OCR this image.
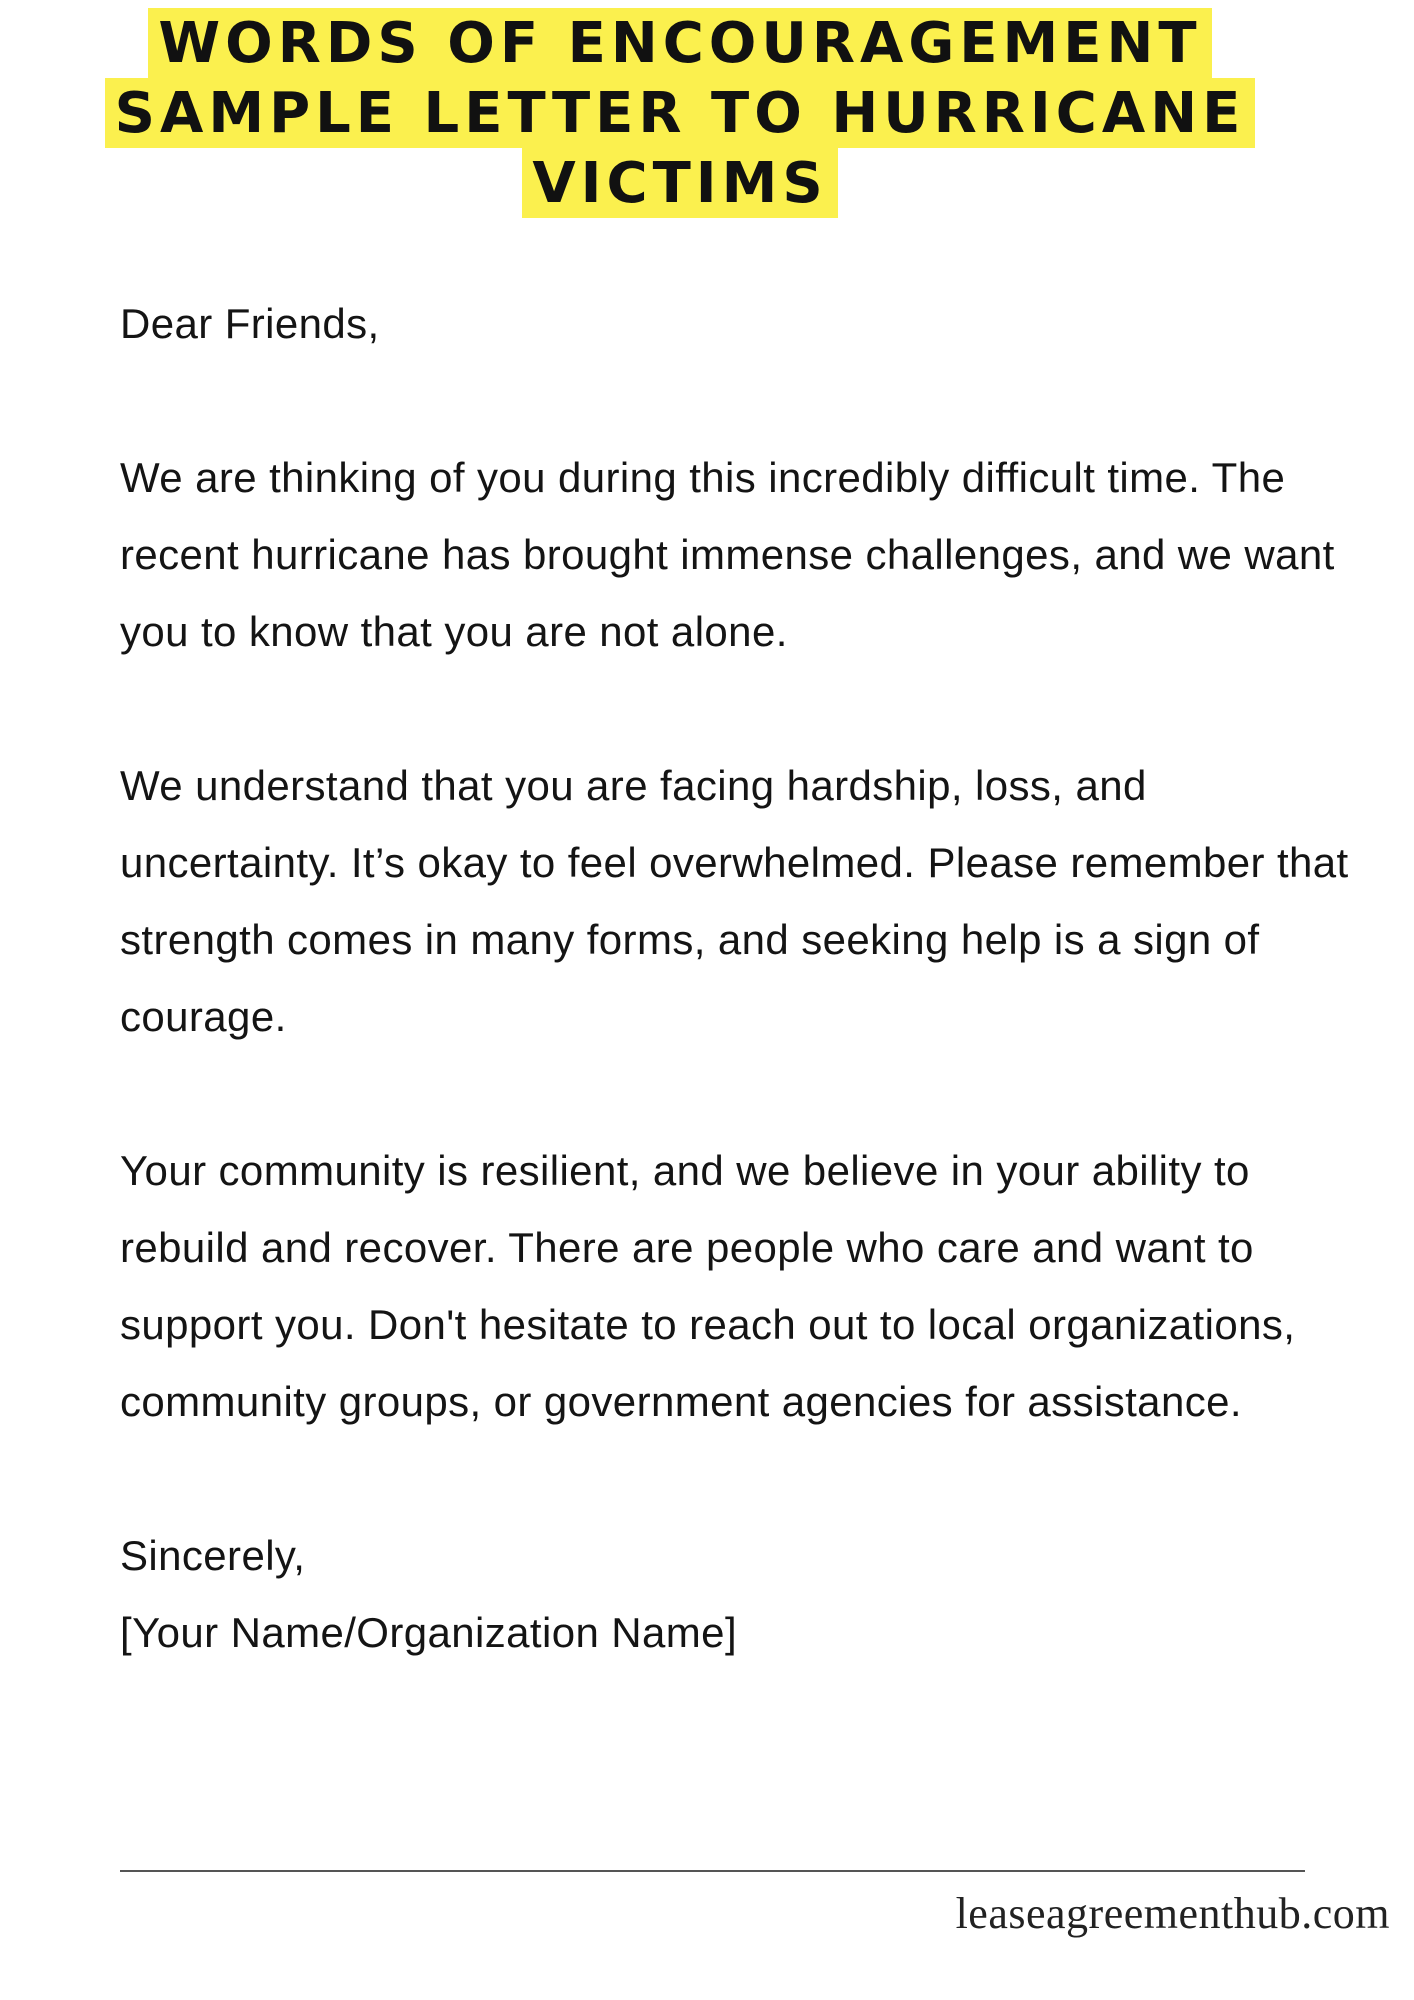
WORDS OF ENCOURAGEMENT
SAMPLE LETTER TO HURRICANE
VICTIMS

Dear Friends,

We are thinking of you during this incredibly difficult time. The recent hurricane has brought immense challenges, and we want you to know that you are not alone.

We understand that you are facing hardship, loss, and uncertainty. It’s okay to feel overwhelmed. Please remember that strength comes in many forms, and seeking help is a sign of courage.

Your community is resilient, and we believe in your ability to rebuild and recover. There are people who care and want to support you. Don't hesitate to reach out to local organizations, community groups, or government agencies for assistance.

Sincerely,
[Your Name/Organization Name]

leaseagreementhub.com
